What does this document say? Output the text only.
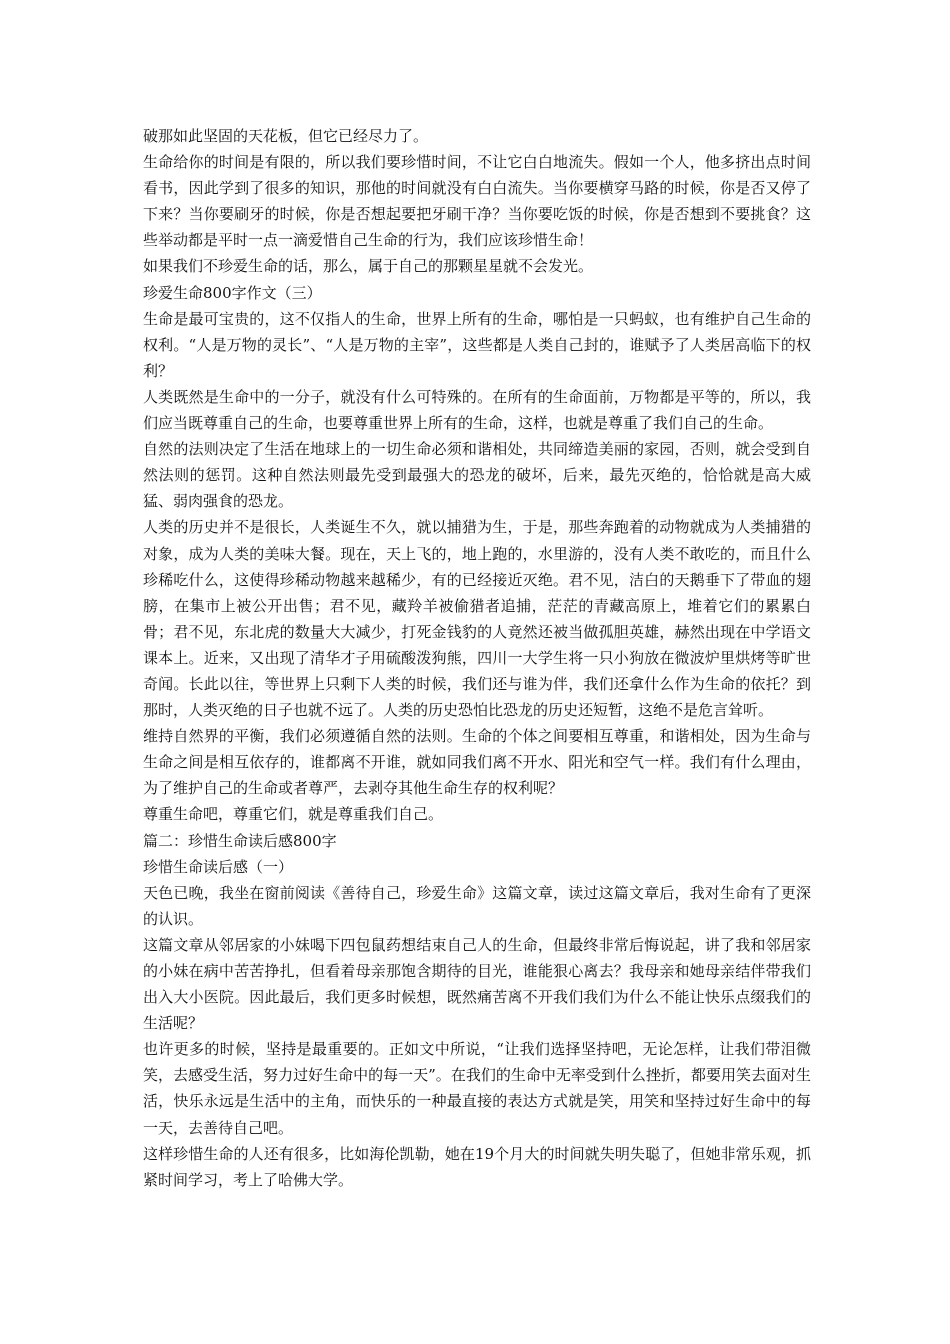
破那如此坚固的天花板，但它已经尽力了。

生命给你的时间是有限的，所以我们要珍惜时间，不让它白白地流失。假如一个人，他多挤出点时间看书，因此学到了很多的知识，那他的时间就没有白白流失。当你要横穿马路的时候，你是否又停了下来？当你要刷牙的时候，你是否想起要把牙刷干净？当你要吃饭的时候，你是否想到不要挑食？这些举动都是平时一点一滴爱惜自己生命的行为，我们应该珍惜生命！

如果我们不珍爱生命的话，那么，属于自己的那颗星星就不会发光。

珍爱生命800字作文（三）

生命是最可宝贵的，这不仅指人的生命，世界上所有的生命，哪怕是一只蚂蚁，也有维护自己生命的权利。“人是万物的灵长”、“人是万物的主宰”，这些都是人类自己封的，谁赋予了人类居高临下的权利？

人类既然是生命中的一分子，就没有什么可特殊的。在所有的生命面前，万物都是平等的，所以，我们应当既尊重自己的生命，也要尊重世界上所有的生命，这样，也就是尊重了我们自己的生命。

自然的法则决定了生活在地球上的一切生命必须和谐相处，共同缔造美丽的家园，否则，就会受到自然法则的惩罚。这种自然法则最先受到最强大的恐龙的破坏，后来，最先灭绝的，恰恰就是高大威猛、弱肉强食的恐龙。

人类的历史并不是很长，人类诞生不久，就以捕猎为生，于是，那些奔跑着的动物就成为人类捕猎的对象，成为人类的美味大餐。现在，天上飞的，地上跑的，水里游的，没有人类不敢吃的，而且什么珍稀吃什么，这使得珍稀动物越来越稀少，有的已经接近灭绝。君不见，洁白的天鹅垂下了带血的翅膀，在集市上被公开出售；君不见，藏羚羊被偷猎者追捕，茫茫的青藏高原上，堆着它们的累累白骨；君不见，东北虎的数量大大减少，打死金钱豹的人竟然还被当做孤胆英雄，赫然出现在中学语文课本上。近来，又出现了清华才子用硫酸泼狗熊，四川一大学生将一只小狗放在微波炉里烘烤等旷世奇闻。长此以往，等世界上只剩下人类的时候，我们还与谁为伴，我们还拿什么作为生命的依托？到那时，人类灭绝的日子也就不远了。人类的历史恐怕比恐龙的历史还短暂，这绝不是危言耸听。

维持自然界的平衡，我们必须遵循自然的法则。生命的个体之间要相互尊重，和谐相处，因为生命与生命之间是相互依存的，谁都离不开谁，就如同我们离不开水、阳光和空气一样。我们有什么理由，为了维护自己的生命或者尊严，去剥夺其他生命生存的权利呢？

尊重生命吧，尊重它们，就是尊重我们自己。

篇二：珍惜生命读后感800字

珍惜生命读后感（一）

天色已晚，我坐在窗前阅读《善待自己，珍爱生命》这篇文章，读过这篇文章后，我对生命有了更深的认识。

这篇文章从邻居家的小妹喝下四包鼠药想结束自己人的生命，但最终非常后悔说起，讲了我和邻居家的小妹在病中苦苦挣扎，但看着母亲那饱含期待的目光，谁能狠心离去？我母亲和她母亲结伴带我们出入大小医院。因此最后，我们更多时候想，既然痛苦离不开我们我们为什么不能让快乐点缀我们的生活呢？

也许更多的时候，坚持是最重要的。正如文中所说，“让我们选择坚持吧，无论怎样，让我们带泪微笑，去感受生活，努力过好生命中的每一天”。在我们的生命中无率受到什么挫折，都要用笑去面对生活，快乐永远是生活中的主角，而快乐的一种最直接的表达方式就是笑，用笑和坚持过好生命中的每一天，去善待自己吧。

这样珍惜生命的人还有很多，比如海伦凯勒，她在19个月大的时间就失明失聪了，但她非常乐观，抓紧时间学习，考上了哈佛大学。
